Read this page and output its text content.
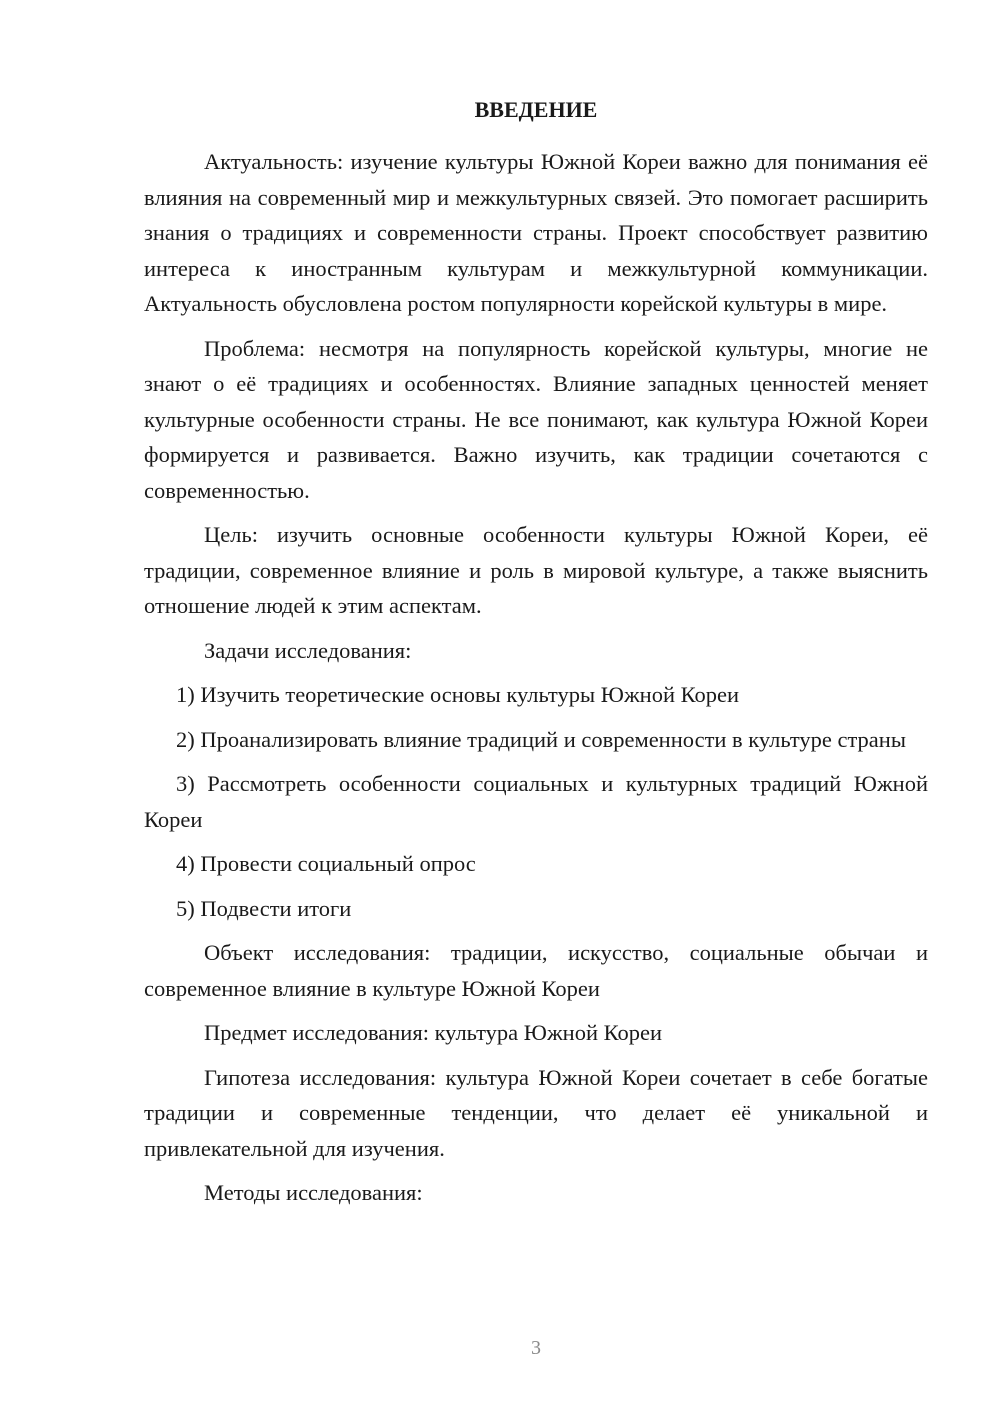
ВВЕДЕНИЕ

Актуальность: изучение культуры Южной Кореи важно для понимания её влияния на современный мир и межкультурных связей. Это помогает расширить знания о традициях и современности страны. Проект способствует развитию интереса к иностранным культурам и межкультурной коммуникации. Актуальность обусловлена ростом популярности корейской культуры в мире.

Проблема: несмотря на популярность корейской культуры, многие не знают о её традициях и особенностях. Влияние западных ценностей меняет культурные особенности страны. Не все понимают, как культура Южной Кореи формируется и развивается. Важно изучить, как традиции сочетаются с современностью.

Цель: изучить основные особенности культуры Южной Кореи, её традиции, современное влияние и роль в мировой культуре, а также выяснить отношение людей к этим аспектам.

Задачи исследования:

1) Изучить теоретические основы культуры Южной Кореи

2) Проанализировать влияние традиций и современности в культуре страны

3) Рассмотреть особенности социальных и культурных традиций Южной Кореи

4) Провести социальный опрос

5) Подвести итоги

Объект исследования: традиции, искусство, социальные обычаи и современное влияние в культуре Южной Кореи

Предмет исследования: культура Южной Кореи

Гипотеза исследования: культура Южной Кореи сочетает в себе богатые традиции и современные тенденции, что делает её уникальной и привлекательной для изучения.

Методы исследования:

3
